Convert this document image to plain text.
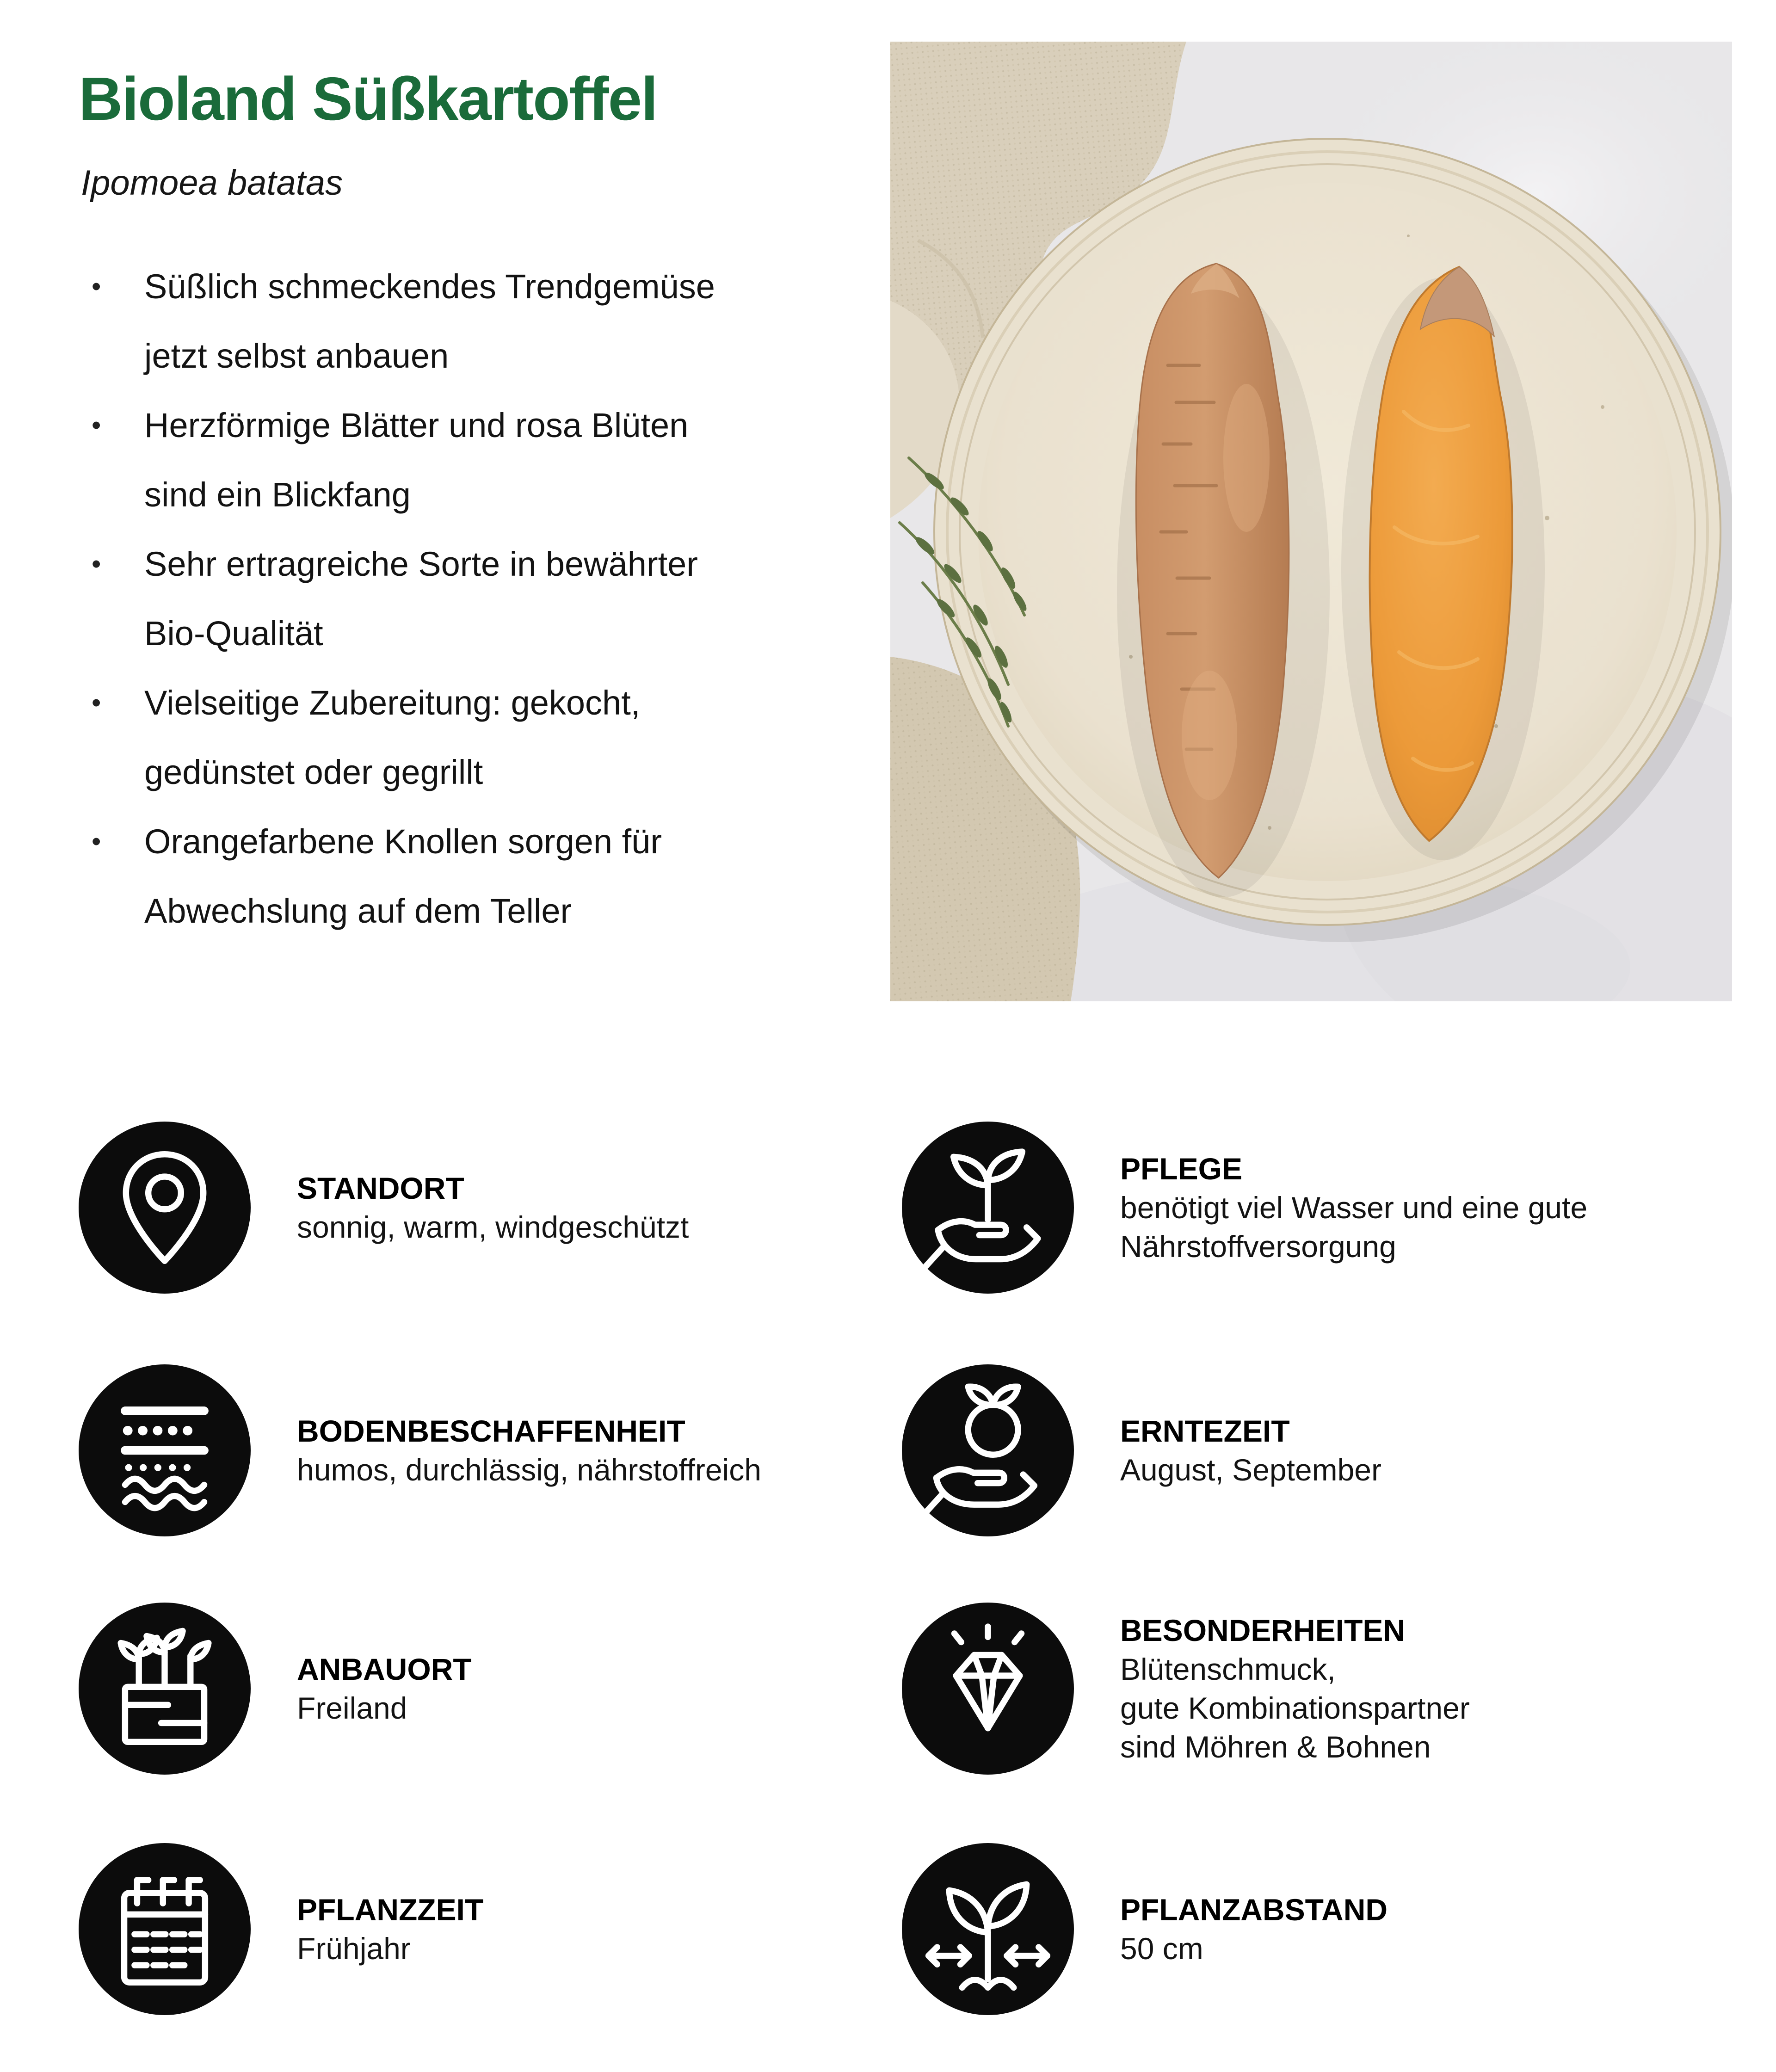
Bioland Süßkartoffel
Ipomoea batatas
• Süßlich schmeckendes Trendgemüse
jetzt selbst anbauen
• Herzförmige Blätter und rosa Blüten
sind ein Blickfang
• Sehr ertragreiche Sorte in bewährter
Bio-Qualität
• Vielseitige Zubereitung: gekocht,
gedünstet oder gegrillt
• Orangefarbene Knollen sorgen für
Abwechslung auf dem Teller
STANDORT
sonnig, warm, windgeschützt
PFLEGE
benötigt viel Wasser und eine gute
Nährstoffversorgung
BODENBESCHAFFENHEIT
humos, durchlässig, nährstoffreich
ERNTEZEIT
August, September
ANBAUORT
Freiland
BESONDERHEITEN
Blütenschmuck,
gute Kombinationspartner
sind Möhren & Bohnen
PFLANZZEIT
Frühjahr
PFLANZABSTAND
50 cm
